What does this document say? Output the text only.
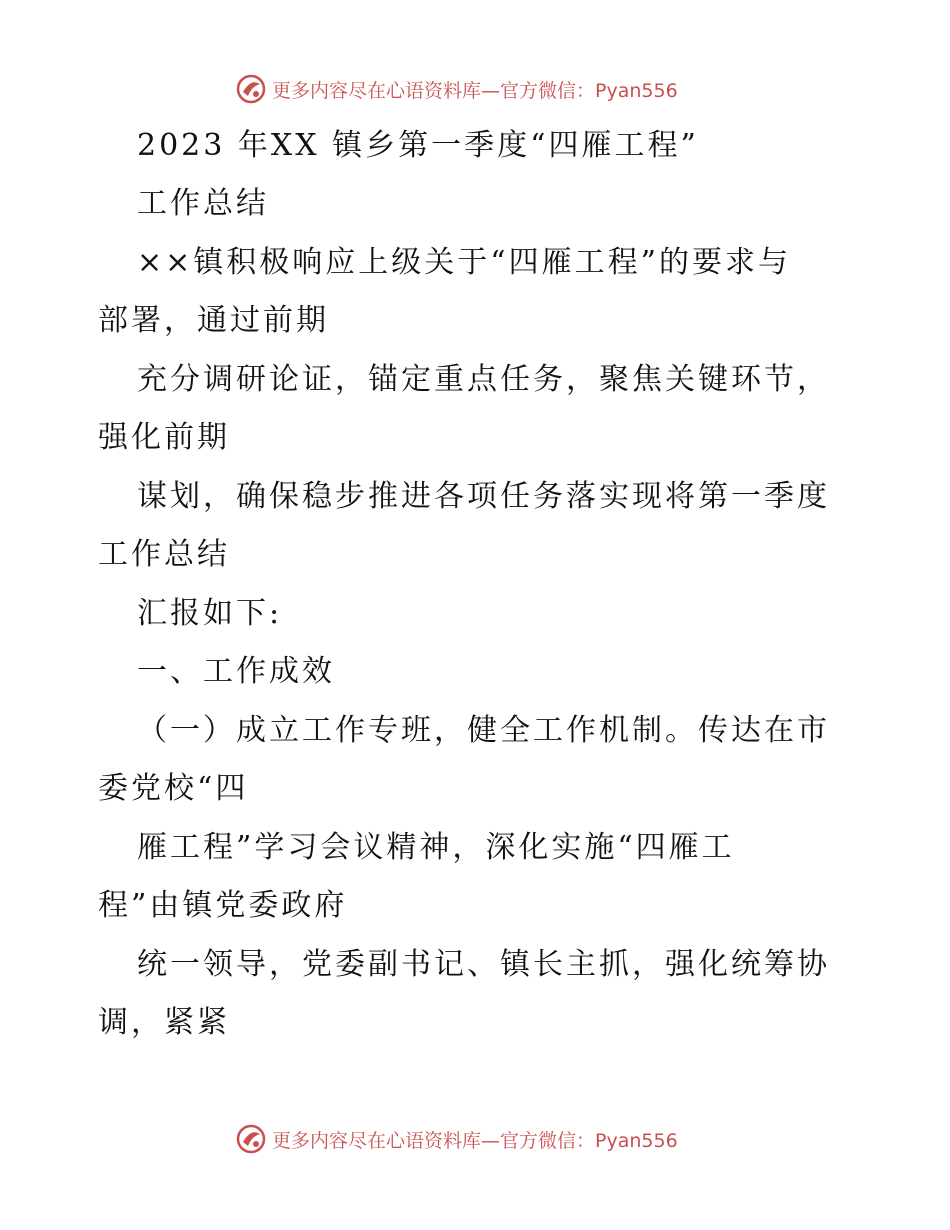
更多内容尽在心语资料库—官方微信：Pyan556
2023 年XX 镇乡第一季度“四雁工程”
工作总结
××镇积极响应上级关于“四雁工程”的要求与
部署，通过前期
充分调研论证，锚定重点任务，聚焦关键环节，
强化前期
谋划，确保稳步推进各项任务落实现将第一季度
工作总结
汇报如下:
一、工作成效
（一）成立工作专班，健全工作机制。传达在市
委党校“四
雁工程”学习会议精神，深化实施“四雁工
程”由镇党委政府
统一领导，党委副书记、镇长主抓，强化统筹协
调，紧紧
更多内容尽在心语资料库—官方微信：Pyan556
